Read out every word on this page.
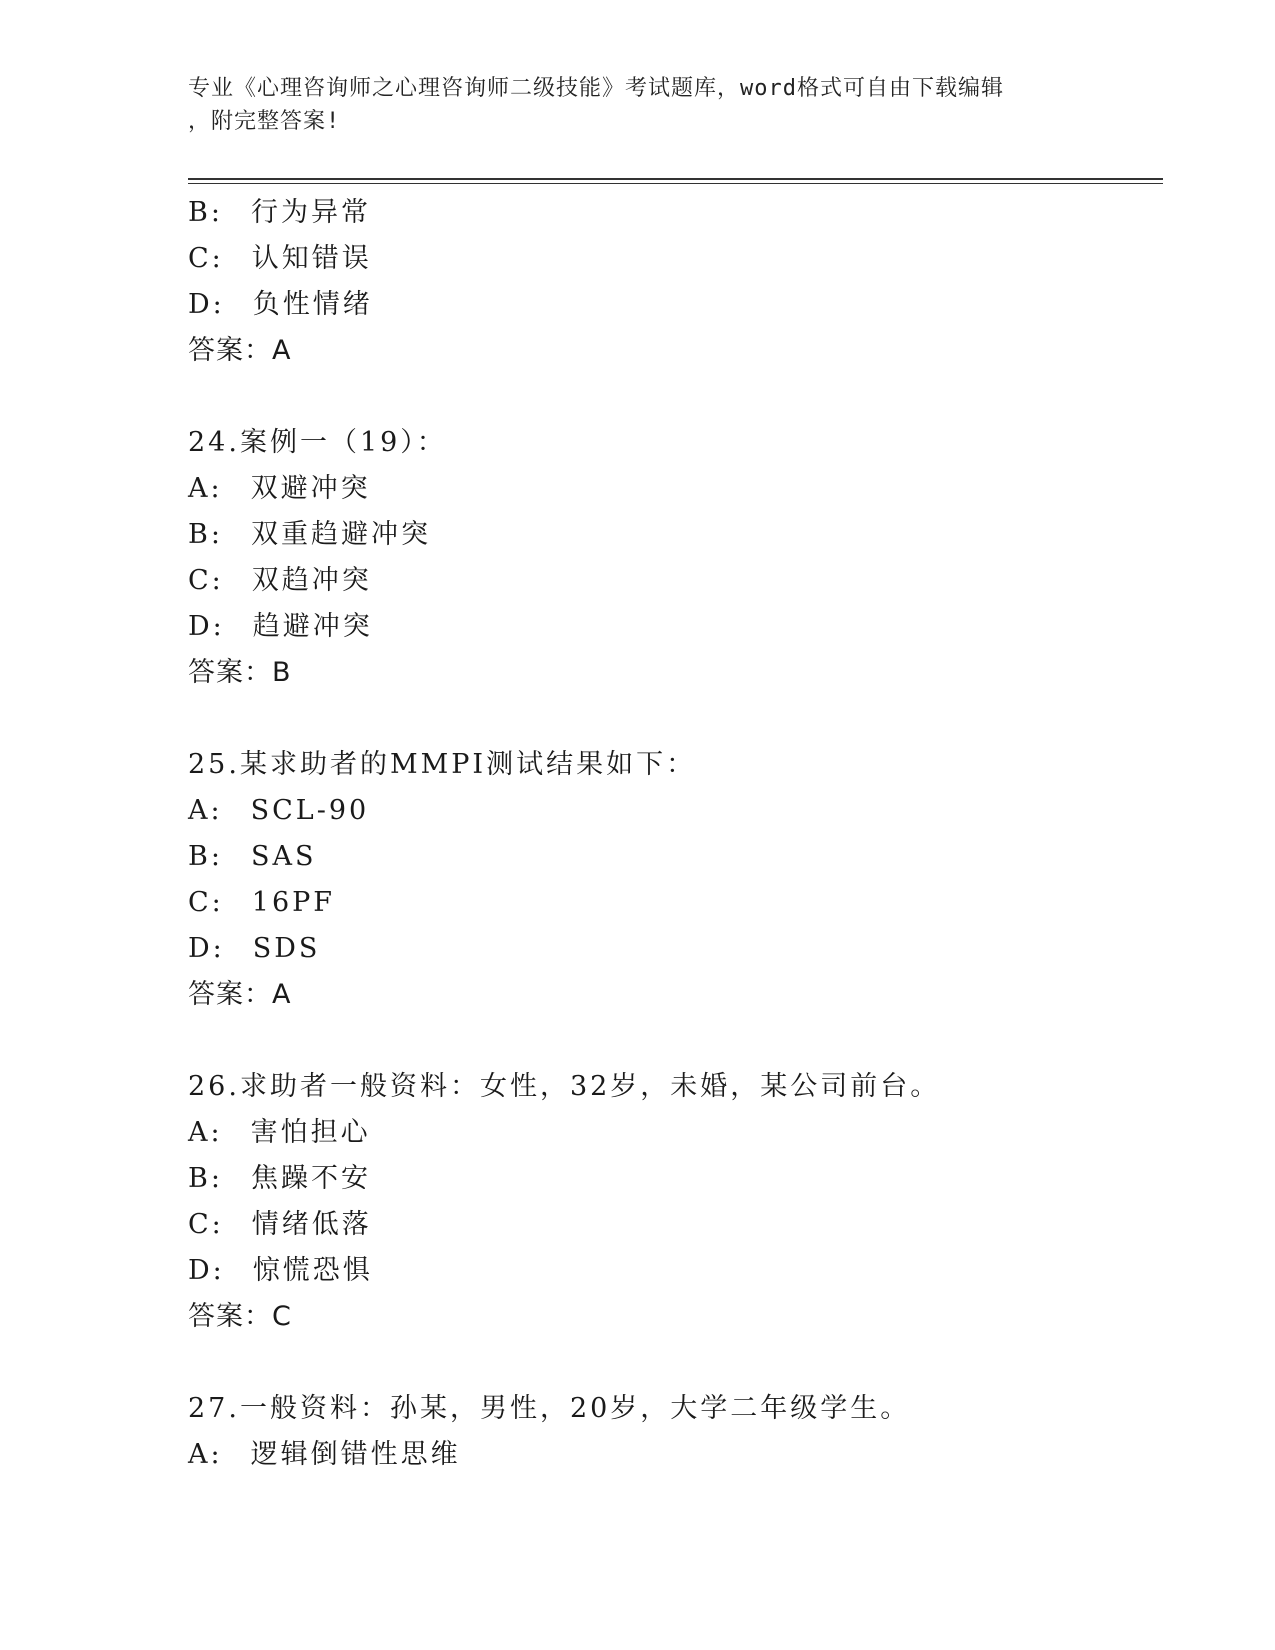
专业《心理咨询师之心理咨询师二级技能》考试题库，word格式可自由下载编辑
，附完整答案!
B: 行为异常
C: 认知错误
D: 负性情绪
答案：A
24.案例一（19）：
A: 双避冲突
B: 双重趋避冲突
C: 双趋冲突
D: 趋避冲突
答案：B
25.某求助者的MMPI测试结果如下：
A: SCL-90
B: SAS
C: 16PF
D: SDS
答案：A
26.求助者一般资料：女性，32岁，未婚，某公司前台。
A: 害怕担心
B: 焦躁不安
C: 情绪低落
D: 惊慌恐惧
答案：C
27.一般资料：孙某，男性，20岁，大学二年级学生。
A: 逻辑倒错性思维
